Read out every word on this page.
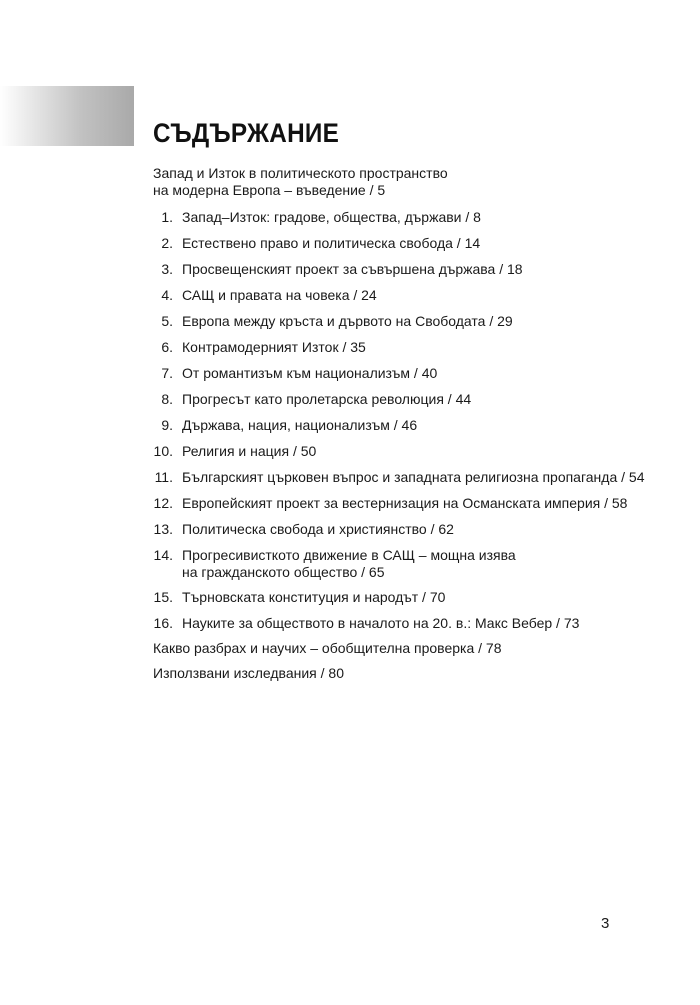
СЪДЪРЖАНИЕ
Запад и Изток в политическото пространство
на модерна Европа – въведение / 5
1. Запад–Изток: градове, общества, държави / 8
2. Естествено право и политическа свобода / 14
3. Просвещенският проект за съвършена държава / 18
4. САЩ и правата на човека / 24
5. Европа между кръста и дървото на Свободата / 29
6. Контрамодерният Изток / 35
7. От романтизъм към национализъм / 40
8. Прогресът като пролетарска революция / 44
9. Държава, нация, национализъм / 46
10. Религия и нация / 50
11. Българският църковен въпрос и западната религиозна пропаганда / 54
12. Европейският проект за вестернизация на Османската империя / 58
13. Политическа свобода и християнство / 62
14. Прогресивисткото движение в САЩ – мощна изява
на гражданското общество / 65
15. Търновската конституция и народът / 70
16. Науките за обществото в началото на 20. в.: Макс Вебер / 73
Какво разбрах и научих – обобщителна проверка / 78
Използвани изследвания / 80
3
